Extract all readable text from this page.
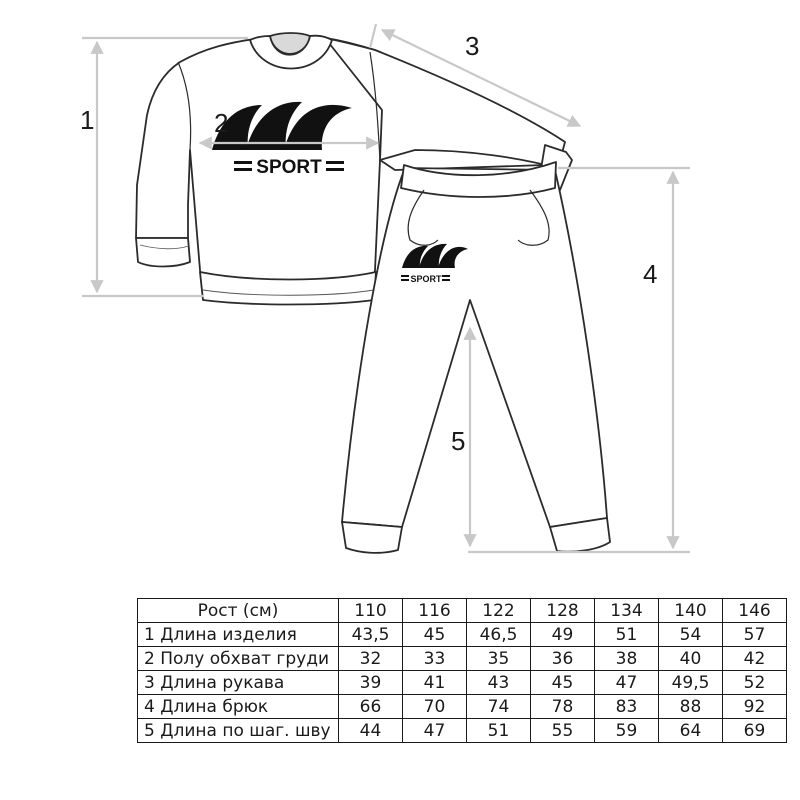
SPORT
SPORT
1	2
3
4
5
Рост (см)	110	116	122	128	134	140	146
1 Длина изделия	43,5	45	46,5	49	51	54	57
2 Полу обхват груди	32	33	35	36	38	40	42
3 Длина рукава	39	41	43	45	47	49,5	52
4 Длина брюк	66	70	74	78	83	88	92
5 Длина по шаг. шву	44	47	51	55	59	64	69
